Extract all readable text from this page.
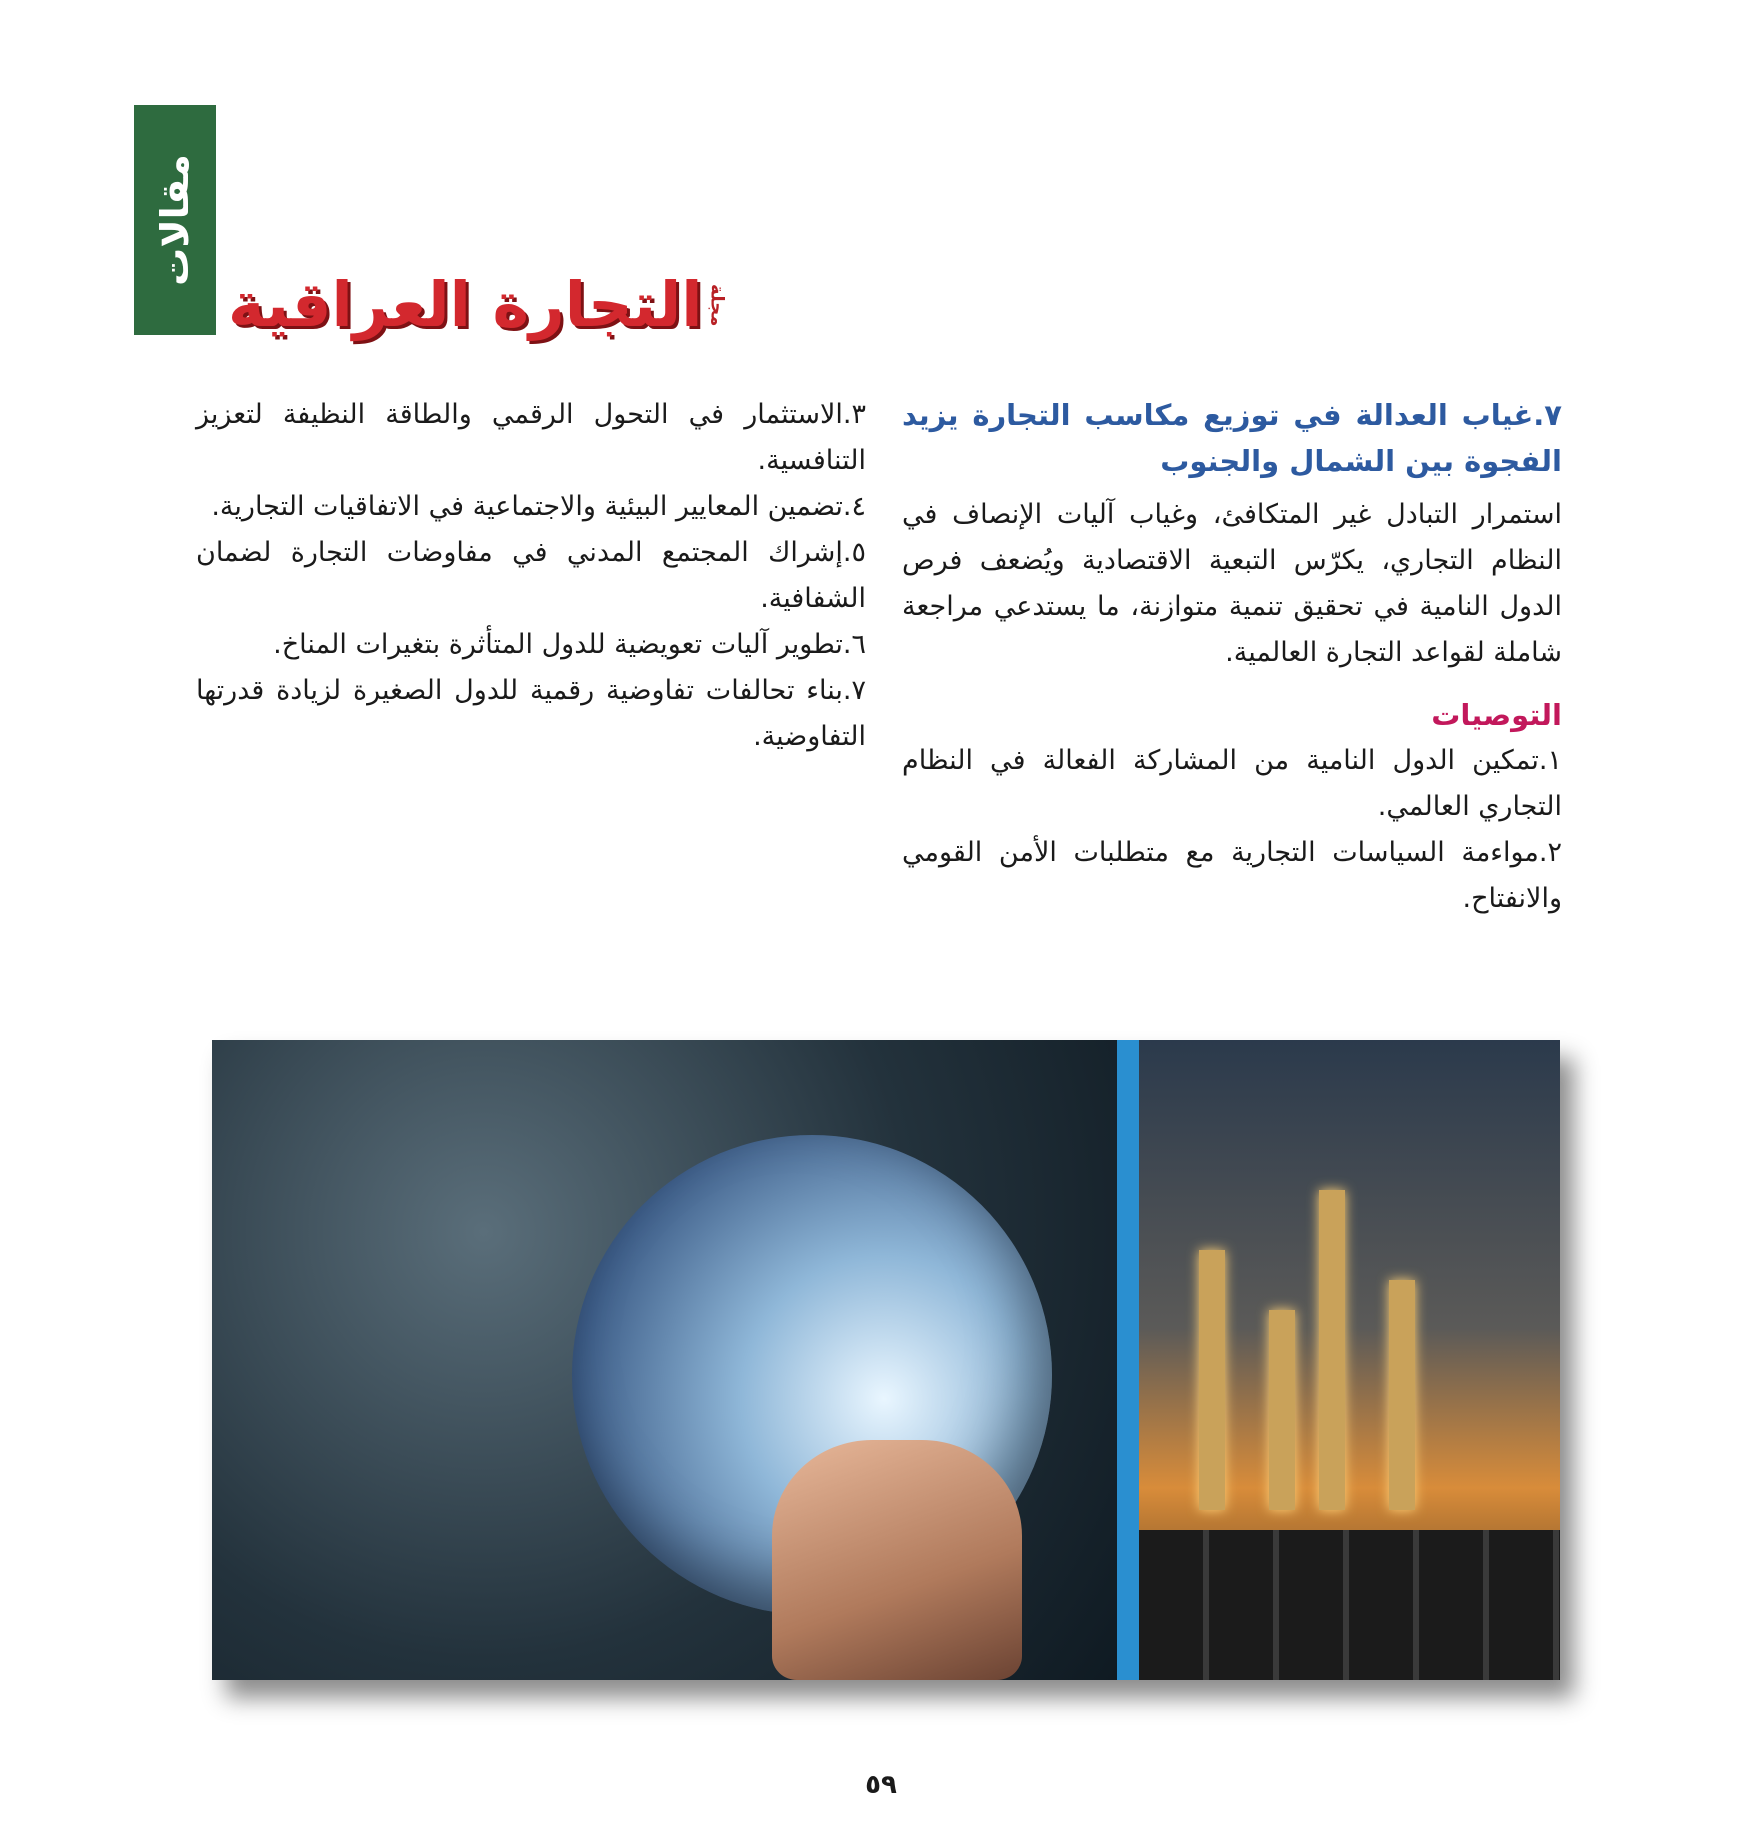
مقالات
مجلة
التجارة العراقية

٧.غياب العدالة في توزيع مكاسب التجارة يزيد الفجوة بين الشمال والجنوب

استمرار التبادل غير المتكافئ، وغياب آليات الإنصاف في النظام التجاري، يكرّس التبعية الاقتصادية ويُضعف فرص الدول النامية في تحقيق تنمية متوازنة، ما يستدعي مراجعة شاملة لقواعد التجارة العالمية.

التوصيات

١.تمكين الدول النامية من المشاركة الفعالة في النظام التجاري العالمي.

٢.مواءمة السياسات التجارية مع متطلبات الأمن القومي والانفتاح.

٣.الاستثمار في التحول الرقمي والطاقة النظيفة لتعزيز التنافسية.

٤.تضمين المعايير البيئية والاجتماعية في الاتفاقيات التجارية.

٥.إشراك المجتمع المدني في مفاوضات التجارة لضمان الشفافية.

٦.تطوير آليات تعويضية للدول المتأثرة بتغيرات المناخ.

٧.بناء تحالفات تفاوضية رقمية للدول الصغيرة لزيادة قدرتها التفاوضية.

٥٩
